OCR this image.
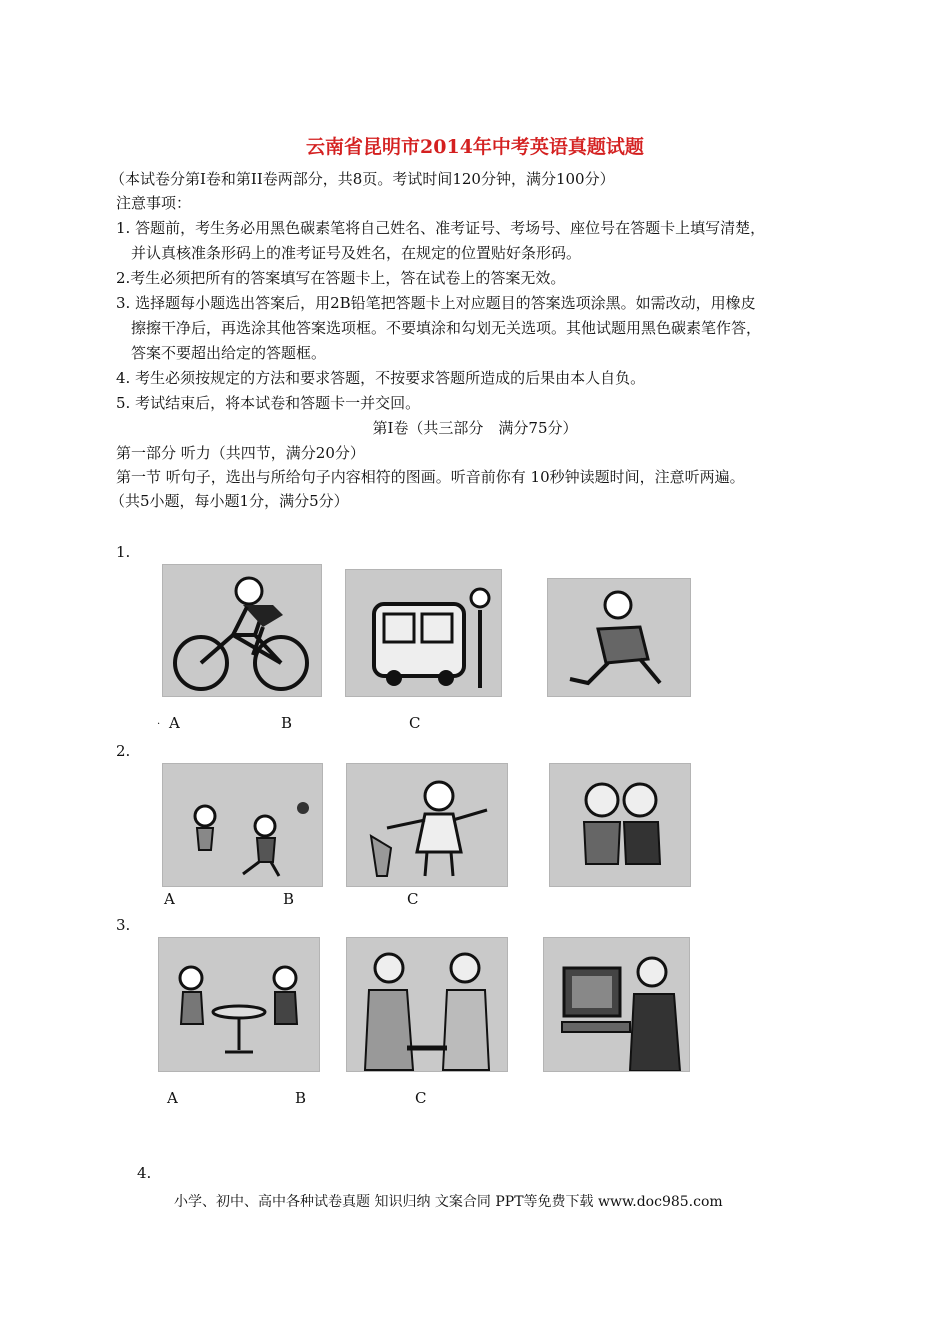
云南省昆明市2014年中考英语真题试题
（本试卷分第I卷和第II卷两部分，共8页。考试时间120分钟，满分100分）
注意事项：
1. 答题前，考生务必用黑色碳素笔将自己姓名、准考证号、考场号、座位号在答题卡上填写清楚，
并认真核准条形码上的准考证号及姓名，在规定的位置贴好条形码。
2.考生必须把所有的答案填写在答题卡上，答在试卷上的答案无效。
3. 选择题每小题选出答案后，用2B铅笔把答题卡上对应题目的答案选项涂黑。如需改动，用橡皮
擦擦干净后，再选涂其他答案选项框。不要填涂和勾划无关选项。其他试题用黑色碳素笔作答，
答案不要超出给定的答题框。
4. 考生必须按规定的方法和要求答题，不按要求答题所造成的后果由本人自负。
5. 考试结束后，将本试卷和答题卡一并交回。
第I卷（共三部分　满分75分）
第一部分 听力（共四节，满分20分）
第一节 听句子，选出与所给句子内容相符的图画。听音前你有 10秒钟读题时间，注意听两遍。
（共5小题，每小题1分，满分5分）
1.
. A	B	C
2.
A	B	C
3.
A	B	C
4.
小学、初中、高中各种试卷真题 知识归纳 文案合同 PPT等免费下载 www.doc985.com
